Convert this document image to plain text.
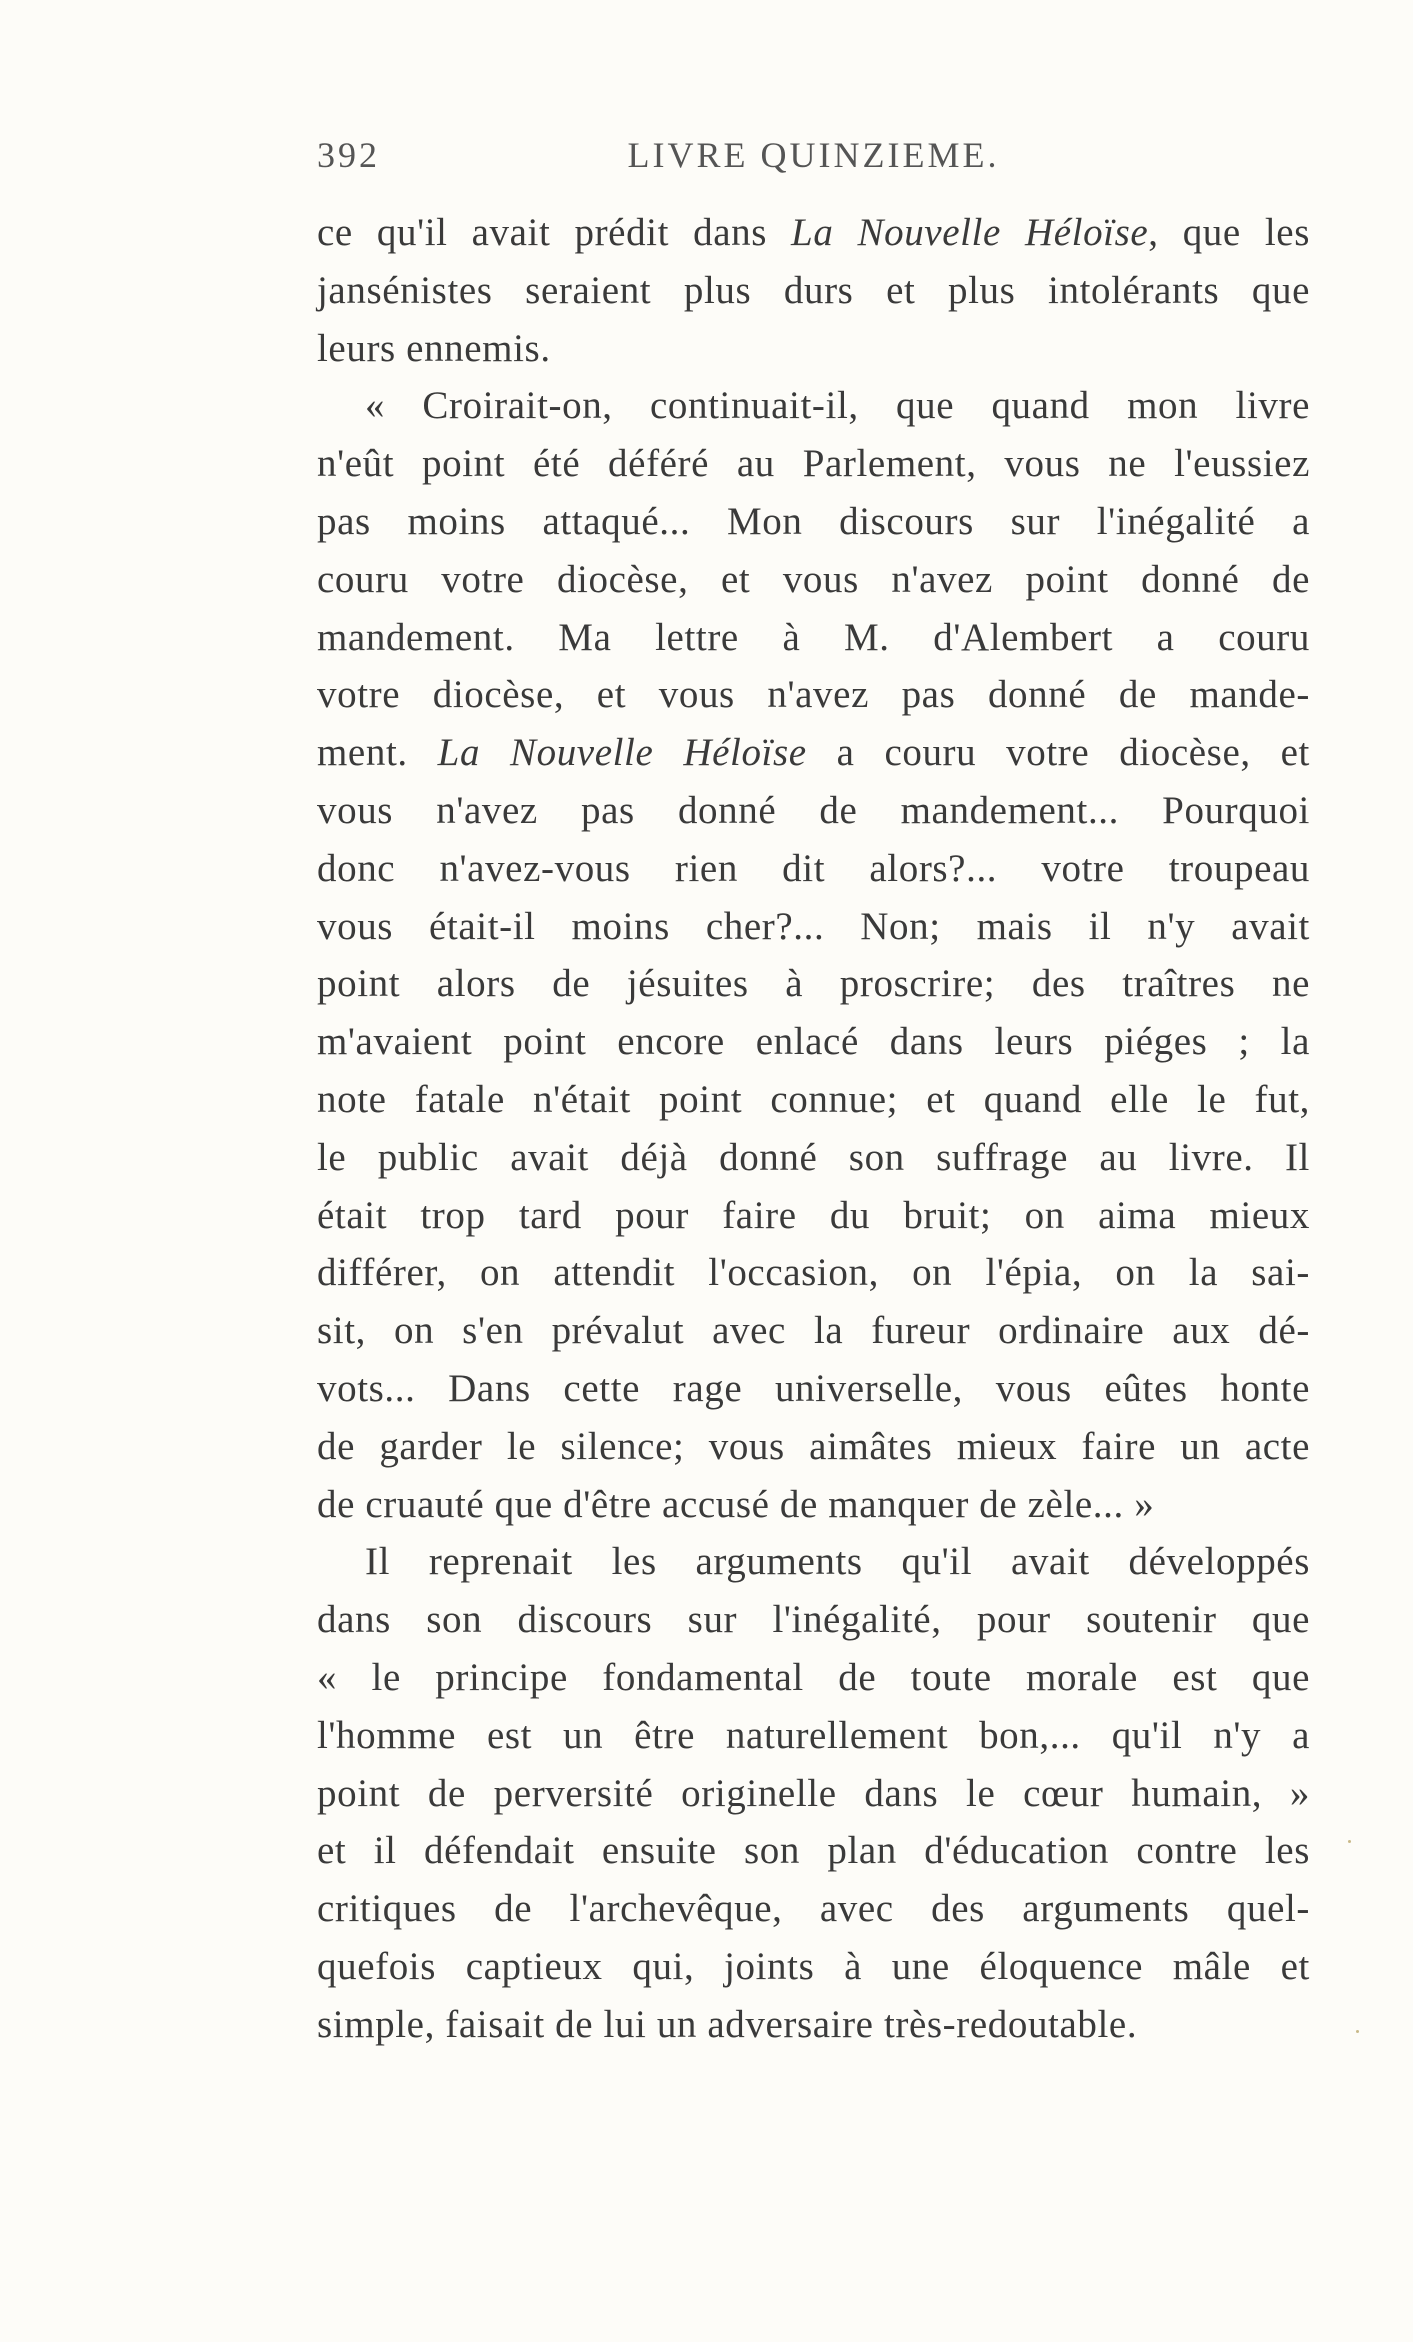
392	LIVRE QUINZIEME.
ce qu'il avait prédit dans La Nouvelle Héloïse, que les
jansénistes seraient plus durs et plus intolérants que
leurs ennemis.
« Croirait-on, continuait-il, que quand mon livre
n'eût point été déféré au Parlement, vous ne l'eussiez
pas moins attaqué... Mon discours sur l'inégalité a
couru votre diocèse, et vous n'avez point donné de
mandement. Ma lettre à M. d'Alembert a couru
votre diocèse, et vous n'avez pas donné de mande-
ment. La Nouvelle Héloïse a couru votre diocèse, et
vous n'avez pas donné de mandement... Pourquoi
donc n'avez-vous rien dit alors?... votre troupeau
vous était-il moins cher?... Non; mais il n'y avait
point alors de jésuites à proscrire; des traîtres ne
m'avaient point encore enlacé dans leurs piéges ; la
note fatale n'était point connue; et quand elle le fut,
le public avait déjà donné son suffrage au livre. Il
était trop tard pour faire du bruit; on aima mieux
différer, on attendit l'occasion, on l'épia, on la sai-
sit, on s'en prévalut avec la fureur ordinaire aux dé-
vots... Dans cette rage universelle, vous eûtes honte
de garder le silence; vous aimâtes mieux faire un acte
de cruauté que d'être accusé de manquer de zèle... »
Il reprenait les arguments qu'il avait développés
dans son discours sur l'inégalité, pour soutenir que
« le principe fondamental de toute morale est que
l'homme est un être naturellement bon,... qu'il n'y a
point de perversité originelle dans le cœur humain, »
et il défendait ensuite son plan d'éducation contre les
critiques de l'archevêque, avec des arguments quel-
quefois captieux qui, joints à une éloquence mâle et
simple, faisait de lui un adversaire très-redoutable.
